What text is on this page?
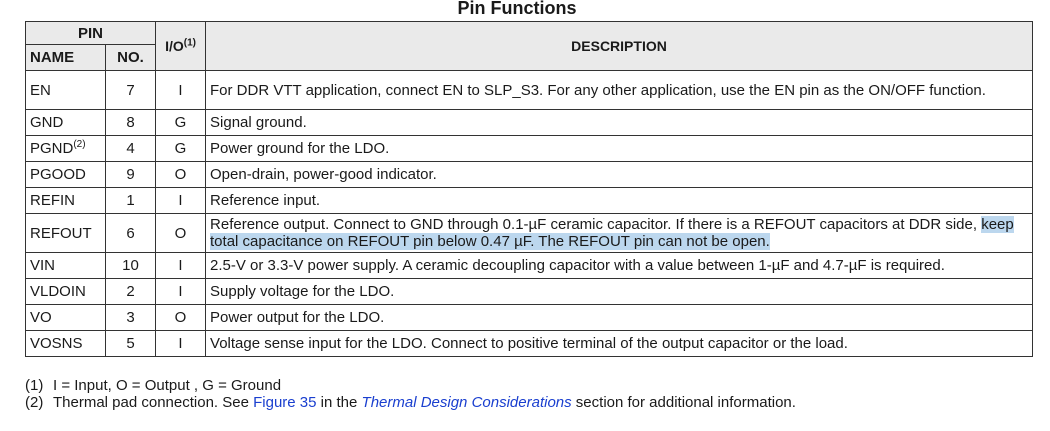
Pin Functions
PIN		$I/O^{(1)}$	DESCRIPTION
NAME	NO.		
EN	7	I	For DDR VTT application, connect EN to SLP_S3. For any other application, use the EN pin as the ON/OFF function.
GND	8	G	Signal ground.
PGND$^{(2)}$	4	G	Power ground for the LDO.
PGOOD	9	O	Open-drain, power-good indicator.
REFIN	1	I	Reference input.
REFOUT	6	O	Reference output. Connect to GND through 0.1-µF ceramic capacitor. If there is a REFOUT capacitors at DDR side, keep total capacitance on REFOUT pin below 0.47 µF. The REFOUT pin can not be open.
VIN	10	I	2.5-V or 3.3-V power supply. A ceramic decoupling capacitor with a value between 1-µF and 4.7-µF is required.
VLDOIN	2	I	Supply voltage for the LDO.
VO	3	O	Power output for the LDO.
VOSNS	5	I	Voltage sense input for the LDO. Connect to positive terminal of the output capacitor or the load.
(1) I = Input, O = Output , G = Ground
(2) Thermal pad connection. See Figure 35 in the Thermal Design Considerations section for additional information.
